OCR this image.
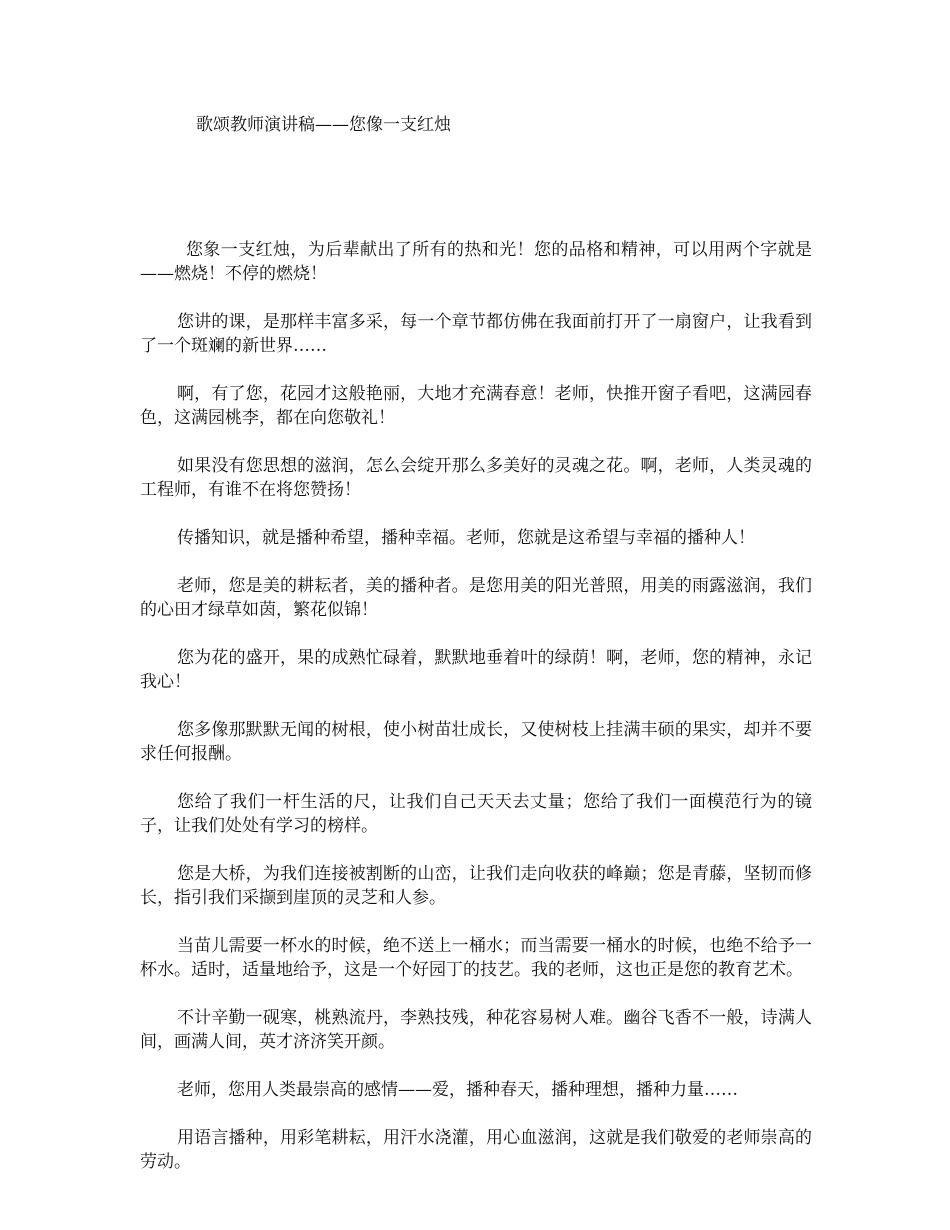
歌颂教师演讲稿——您像一支红烛

您象一支红烛，为后辈献出了所有的热和光！您的品格和精神，可以用两个字就是——燃烧！不停的燃烧！

您讲的课，是那样丰富多采，每一个章节都仿佛在我面前打开了一扇窗户，让我看到了一个斑斓的新世界……

啊，有了您，花园才这般艳丽，大地才充满春意！老师，快推开窗子看吧，这满园春色，这满园桃李，都在向您敬礼！

如果没有您思想的滋润，怎么会绽开那么多美好的灵魂之花。啊，老师，人类灵魂的工程师，有谁不在将您赞扬！

传播知识，就是播种希望，播种幸福。老师，您就是这希望与幸福的播种人！

老师，您是美的耕耘者，美的播种者。是您用美的阳光普照，用美的雨露滋润，我们的心田才绿草如茵，繁花似锦！

您为花的盛开，果的成熟忙碌着，默默地垂着叶的绿荫！啊，老师，您的精神，永记我心！

您多像那默默无闻的树根，使小树苗壮成长，又使树枝上挂满丰硕的果实，却并不要求任何报酬。

您给了我们一杆生活的尺，让我们自己天天去丈量；您给了我们一面模范行为的镜子，让我们处处有学习的榜样。

您是大桥，为我们连接被割断的山峦，让我们走向收获的峰巅；您是青藤，坚韧而修长，指引我们采撷到崖顶的灵芝和人参。

当苗儿需要一杯水的时候，绝不送上一桶水；而当需要一桶水的时候，也绝不给予一杯水。适时，适量地给予，这是一个好园丁的技艺。我的老师，这也正是您的教育艺术。

不计辛勤一砚寒，桃熟流丹，李熟技残，种花容易树人难。幽谷飞香不一般，诗满人间，画满人间，英才济济笑开颜。

老师，您用人类最崇高的感情——爱，播种春天，播种理想，播种力量……

用语言播种，用彩笔耕耘，用汗水浇灌，用心血滋润，这就是我们敬爱的老师崇高的劳动。
